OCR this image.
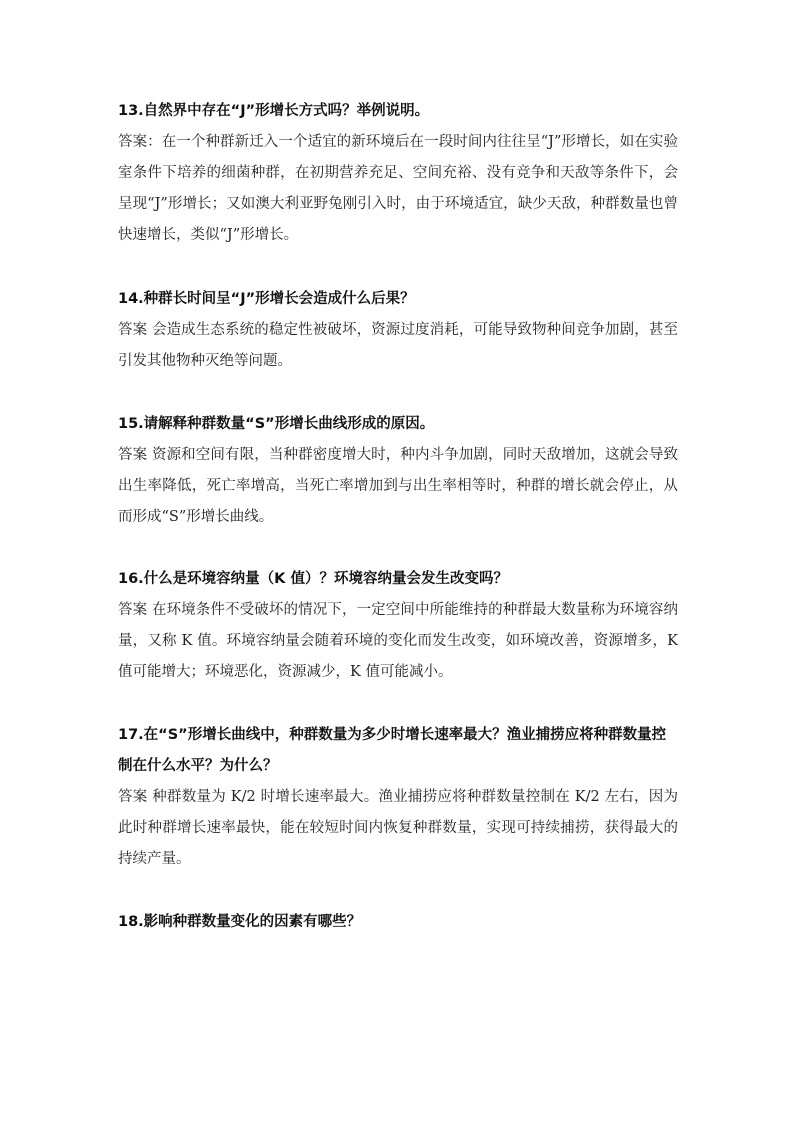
13.自然界中存在“J”形增长方式吗？举例说明。

答案：在一个种群新迁入一个适宜的新环境后在一段时间内往往呈“J”形增长，如在实验室条件下培养的细菌种群，在初期营养充足、空间充裕、没有竞争和天敌等条件下，会呈现“J”形增长；又如澳大利亚野兔刚引入时，由于环境适宜，缺少天敌，种群数量也曾快速增长，类似“J”形增长。

14.种群长时间呈“J”形增长会造成什么后果？

答案 会造成生态系统的稳定性被破坏，资源过度消耗，可能导致物种间竞争加剧，甚至引发其他物种灭绝等问题。

15.请解释种群数量“S”形增长曲线形成的原因。

答案 资源和空间有限，当种群密度增大时，种内斗争加剧，同时天敌增加，这就会导致出生率降低，死亡率增高，当死亡率增加到与出生率相等时，种群的增长就会停止，从而形成“S”形增长曲线。

16.什么是环境容纳量（K 值）？环境容纳量会发生改变吗？

答案 在环境条件不受破坏的情况下，一定空间中所能维持的种群最大数量称为环境容纳量，又称 K 值。环境容纳量会随着环境的变化而发生改变，如环境改善，资源增多，K 值可能增大；环境恶化，资源减少，K 值可能减小。

17.在“S”形增长曲线中，种群数量为多少时增长速率最大？渔业捕捞应将种群数量控制在什么水平？为什么？

答案 种群数量为 K/2 时增长速率最大。渔业捕捞应将种群数量控制在 K/2 左右，因为此时种群增长速率最快，能在较短时间内恢复种群数量，实现可持续捕捞，获得最大的持续产量。

18.影响种群数量变化的因素有哪些？
